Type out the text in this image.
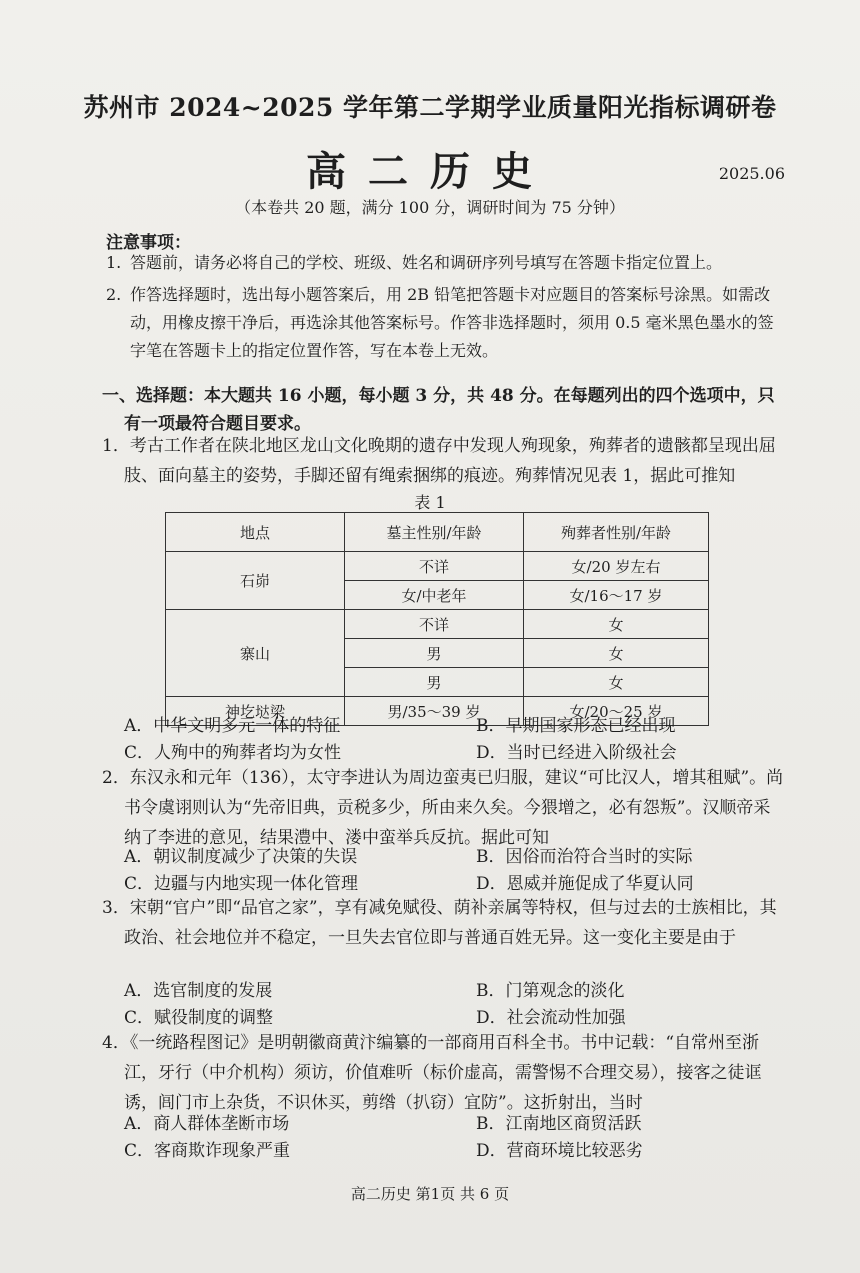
苏州市 2024~2025 学年第二学期学业质量阳光指标调研卷
高二历史	2025.06
（本卷共 20 题，满分 100 分，调研时间为 75 分钟）
注意事项：
1. 答题前，请务必将自己的学校、班级、姓名和调研序列号填写在答题卡指定位置上。
2. 作答选择题时，选出每小题答案后，用 2B 铅笔把答题卡对应题目的答案标号涂黑。如需改动，用橡皮擦干净后，再选涂其他答案标号。作答非选择题时，须用 0.5 毫米黑色墨水的签字笔在答题卡上的指定位置作答，写在本卷上无效。
一、选择题：本大题共 16 小题，每小题 3 分，共 48 分。在每题列出的四个选项中，只有一项最符合题目要求。
1．考古工作者在陕北地区龙山文化晚期的遗存中发现人殉现象，殉葬者的遗骸都呈现出屈肢、面向墓主的姿势，手脚还留有绳索捆绑的痕迹。殉葬情况见表 1，据此可推知
表 1
地点	墓主性别/年龄	殉葬者性别/年龄
石峁	不详	女/20 岁左右
	女/中老年	女/16～17 岁
寨山	不详	女
	男	女
	男	女
神圪垯梁	男/35～39 岁	女/20～25 岁
A．中华文明多元一体的特征	B．早期国家形态已经出现
C．人殉中的殉葬者均为女性	D．当时已经进入阶级社会
2．东汉永和元年（136），太守李进认为周边蛮夷已归服，建议“可比汉人，增其租赋”。尚书令虞诩则认为“先帝旧典，贡税多少，所由来久矣。今猥增之，必有怨叛”。汉顺帝采纳了李进的意见，结果澧中、溇中蛮举兵反抗。据此可知
A．朝议制度减少了决策的失误	B．因俗而治符合当时的实际
C．边疆与内地实现一体化管理	D．恩威并施促成了华夏认同
3．宋朝“官户”即“品官之家”，享有减免赋役、荫补亲属等特权，但与过去的士族相比，其政治、社会地位并不稳定，一旦失去官位即与普通百姓无异。这一变化主要是由于
A．选官制度的发展	B．门第观念的淡化
C．赋役制度的调整	D．社会流动性加强
4．《一统路程图记》是明朝徽商黄汴编纂的一部商用百科全书。书中记载：“自常州至浙江，牙行（中介机构）须访，价值难听（标价虚高，需警惕不合理交易），接客之徒诓诱，闾门市上杂货，不识休买，剪绺（扒窃）宜防”。这折射出，当时
A．商人群体垄断市场	B．江南地区商贸活跃
C．客商欺诈现象严重	D．营商环境比较恶劣
高二历史 第1页 共 6 页
